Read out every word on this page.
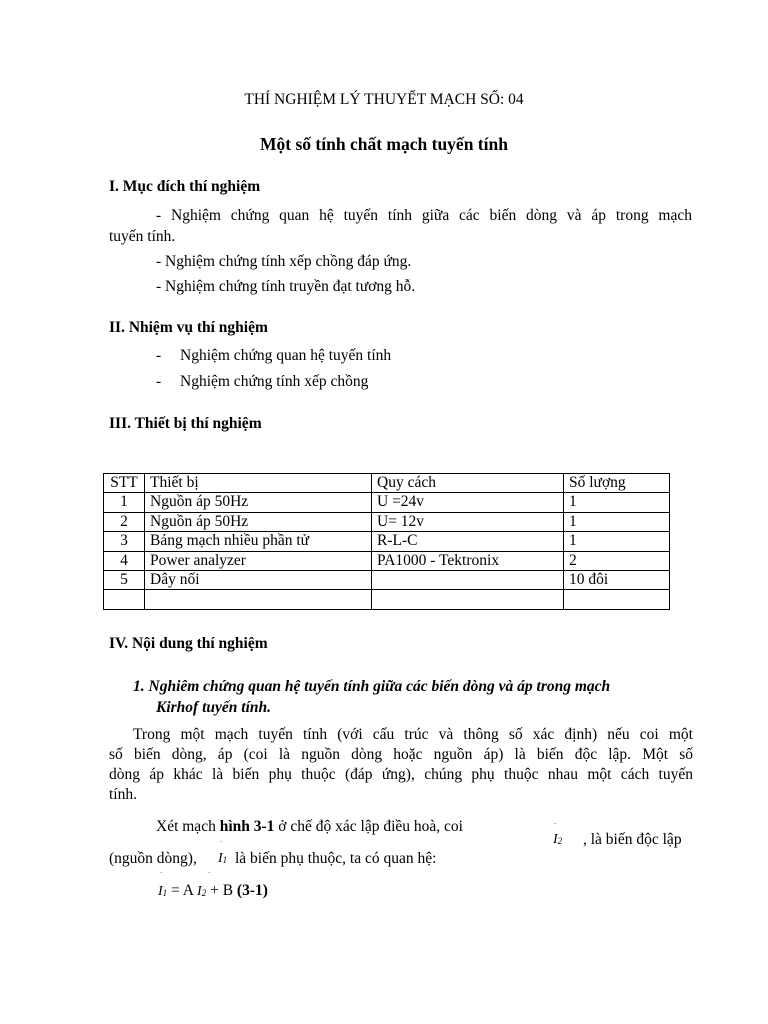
THÍ NGHIỆM LÝ THUYẾT MẠCH SỐ: 04
Một số tính chất mạch tuyến tính
I. Mục đích thí nghiệm
- Nghiệm chứng quan hệ tuyến tính giữa các biến dòng và áp trong mạch
tuyến tính.
- Nghiệm chứng tính xếp chồng đáp ứng.
- Nghiệm chứng tính truyền đạt tương hỗ.
II. Nhiệm vụ thí nghiệm
- Nghiệm chứng quan hệ tuyến tính
- Nghiệm chứng tính xếp chồng
III. Thiết bị thí nghiệm
STT	Thiết bị	Quy cách	Số lượng
1	Nguồn áp 50Hz	U =24v	1
2	Nguồn áp 50Hz	U= 12v	1
3	Bảng mạch nhiều phần tử	R-L-C	1
4	Power analyzer	PA1000 - Tektronix	2
5	Dây nối		10 đôi

IV. Nội dung thí nghiệm
1. Nghiêm chứng quan hệ tuyến tính giữa các biến dòng và áp trong mạch
Kirhof tuyến tính.
Trong một mạch tuyến tính (với cấu trúc và thông số xác định) nếu coi một
số biến dòng, áp (coi là nguồn dòng hoặc nguồn áp) là biến độc lập. Một số
dòng áp khác là biến phụ thuộc (đáp ứng), chúng phụ thuộc nhau một cách tuyến
tính.
Xét mạch hình 3-1 ở chế độ xác lập điều hoà, coi
I2 , là biến độc lập
(nguồn dòng), I1 là biến phụ thuộc, ta có quan hệ:
·
·
·	·
I1 = A I2 + B (3-1)
